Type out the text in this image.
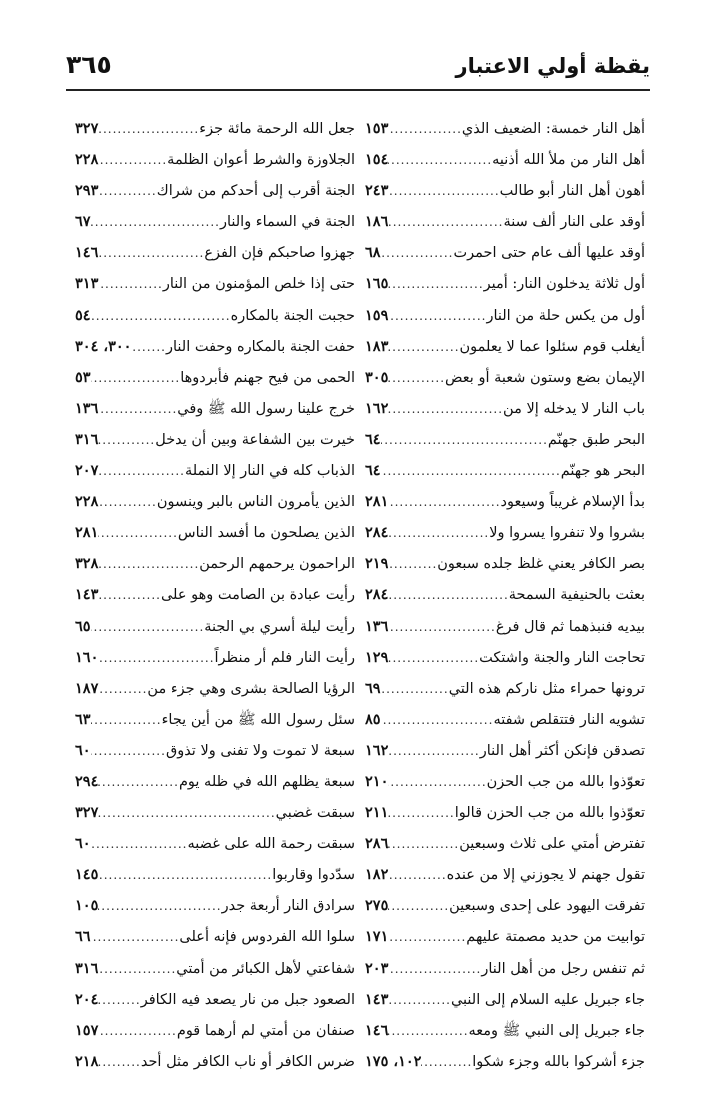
يقظة أولي الاعتبار
٣٦٥
أهل النار خمسة: الضعيف الذي
.....
١٥٣
أهل النار من ملأ الله أذنيه
.....
١٥٤
أهون أهل النار أبو طالب
.....
٢٤٣
أوقد على النار ألف سنة
.....
١٨٦
أوقد عليها ألف عام حتى احمرت
.....
٦٨
أول ثلاثة يدخلون النار: أمير
.....
١٦٥
أول من يكس حلة من النار
.....
١٥٩
أيغلب قوم سئلوا عما لا يعلمون
.....
١٨٣
الإيمان بضع وستون شعبة أو بعض
.....
٣٠٥
باب النار لا يدخله إلا من
.....
١٦٢
البحر طبق جهنّم
.....
٦٤
البحر هو جهنّم
.....
٦٤
بدأ الإسلام غريباً وسيعود
.....
٢٨١
بشروا ولا تنفروا يسروا ولا
.....
٢٨٤
بصر الكافر يعني غلظ جلده سبعون
.....
٢١٩
بعثت بالحنيفية السمحة
.....
٢٨٤
بيديه فنبذهما ثم قال فرغ
.....
١٣٦
تحاجت النار والجنة واشتكت
.....
١٢٩
ترونها حمراء مثل ناركم هذه التي
.....
٦٩
تشويه النار فتتقلص شفته
.....
٨٥
تصدقن فإنكن أكثر أهل النار
.....
١٦٢
تعوّذوا بالله من جب الحزن
.....
٢١٠
تعوّذوا بالله من جب الحزن قالوا
.....
٢١١
تفترض أمتي على ثلاث وسبعين
.....
٢٨٦
تقول جهنم لا يجوزني إلا من عنده
.....
١٨٢
تفرقت اليهود على إحدى وسبعين
.....
٢٧٥
توابيت من حديد مصمتة عليهم
.....
١٧١
ثم تنفس رجل من أهل النار
.....
٢٠٣
جاء جبريل عليه السلام إلى النبي
.....
١٤٣
جاء جبريل إلى النبي ﷺ ومعه
.....
١٤٦
جزء أشركوا بالله وجزء شكوا
.....
١٠٢، ١٧٥
جعل الله الرحمة مائة جزء
.....
٣٢٧
الجلاوزة والشرط أعوان الظلمة
.....
٢٢٨
الجنة أقرب إلى أحدكم من شراك
.....
٢٩٣
الجنة في السماء والنار
.....
٦٧
جهزوا صاحبكم فإن الفزع
.....
١٤٦
حتى إذا خلص المؤمنون من النار
.....
٣١٣
حجبت الجنة بالمكاره
.....
٥٤
حفت الجنة بالمكاره وحفت النار
.....
٣٠٠، ٣٠٤
الحمى من فيح جهنم فأبردوها
.....
٥٣
خرج علينا رسول الله ﷺ وفي
.....
١٣٦
خيرت بين الشفاعة وبين أن يدخل
.....
٣١٦
الذباب كله في النار إلا النملة
.....
٢٠٧
الذين يأمرون الناس بالبر وينسون
.....
٢٢٨
الذين يصلحون ما أفسد الناس
.....
٢٨١
الراحمون يرحمهم الرحمن
.....
٣٢٨
رأيت عبادة بن الصامت وهو على
.....
١٤٣
رأيت ليلة أسري بي الجنة
.....
٦٥
رأيت النار فلم أر منظراً
.....
١٦٠
الرؤيا الصالحة بشرى وهي جزء من
.....
١٨٧
سئل رسول الله ﷺ من أين يجاء
.....
٦٣
سبعة لا تموت ولا تفنى ولا تذوق
.....
٦٠
سبعة يظلهم الله في ظله يوم
.....
٢٩٤
سبقت غضبي
.....
٣٢٧
سبقت رحمة الله على غضبه
.....
٦٠
سدّدوا وقاربوا
.....
١٤٥
سرادق النار أربعة جدر
.....
١٠٥
سلوا الله الفردوس فإنه أعلى
.....
٦٦
شفاعتي لأهل الكبائر من أمتي
.....
٣١٦
الصعود جبل من نار يصعد فيه الكافر
.....
٢٠٤
صنفان من أمتي لم أرهما قوم
.....
١٥٧
ضرس الكافر أو ناب الكافر مثل أحد
.....
٢١٨
